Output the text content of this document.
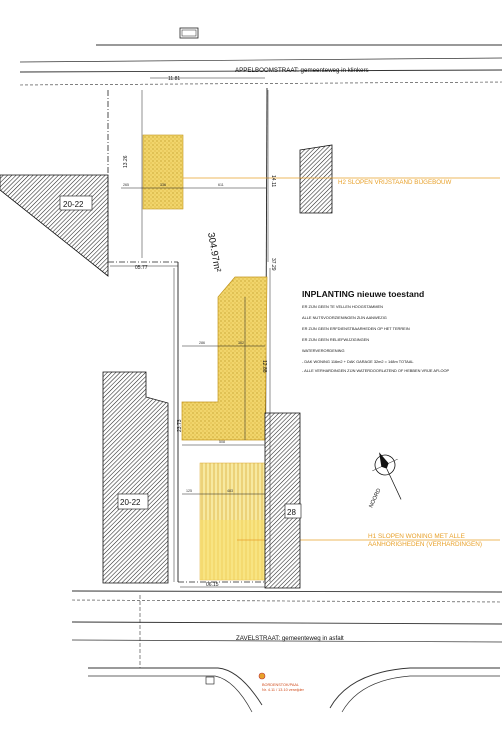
APPELBOOMSTRAAT: gemeenteweg in klinkers
20-22
H2 SLOPEN VRIJSTAAND BIJGEBOUW
304.97m²
20-22
28
H1 SLOPEN WONING MET ALLE
AANHORIGHEDEN (VERHARDINGEN)
INPLANTING nieuwe toestand
ER ZIJN GEEN TE VELLEN HOOGSTAMMEN
ALLE NUTSVOORZIENINGEN ZIJN AANWEZIG
ER ZIJN GEEN ERFDIENSTBAARHEDEN OP HET TERREIN
ER ZIJN GEEN RELIEFWIJZIGINGEN
WATERVERORDENING
- DAK WONING 116m2 + DAK GARAGE 32m2 = 148m TOTAAL
- ALLE VERHARDINGEN ZIJN WATERDOORLATEND OF HEBBEN VRIJE AFLOOP
NOORD
11.81
13.26
14.11
05.77	37.29
23.73
06.15
265	336	611
286	362
508
125	483
12.88
ZAVELSTRAAT: gemeenteweg in asfalt
BORDENSTOK/PAAL
Nr. 4.11 / 13.10 verwijder
